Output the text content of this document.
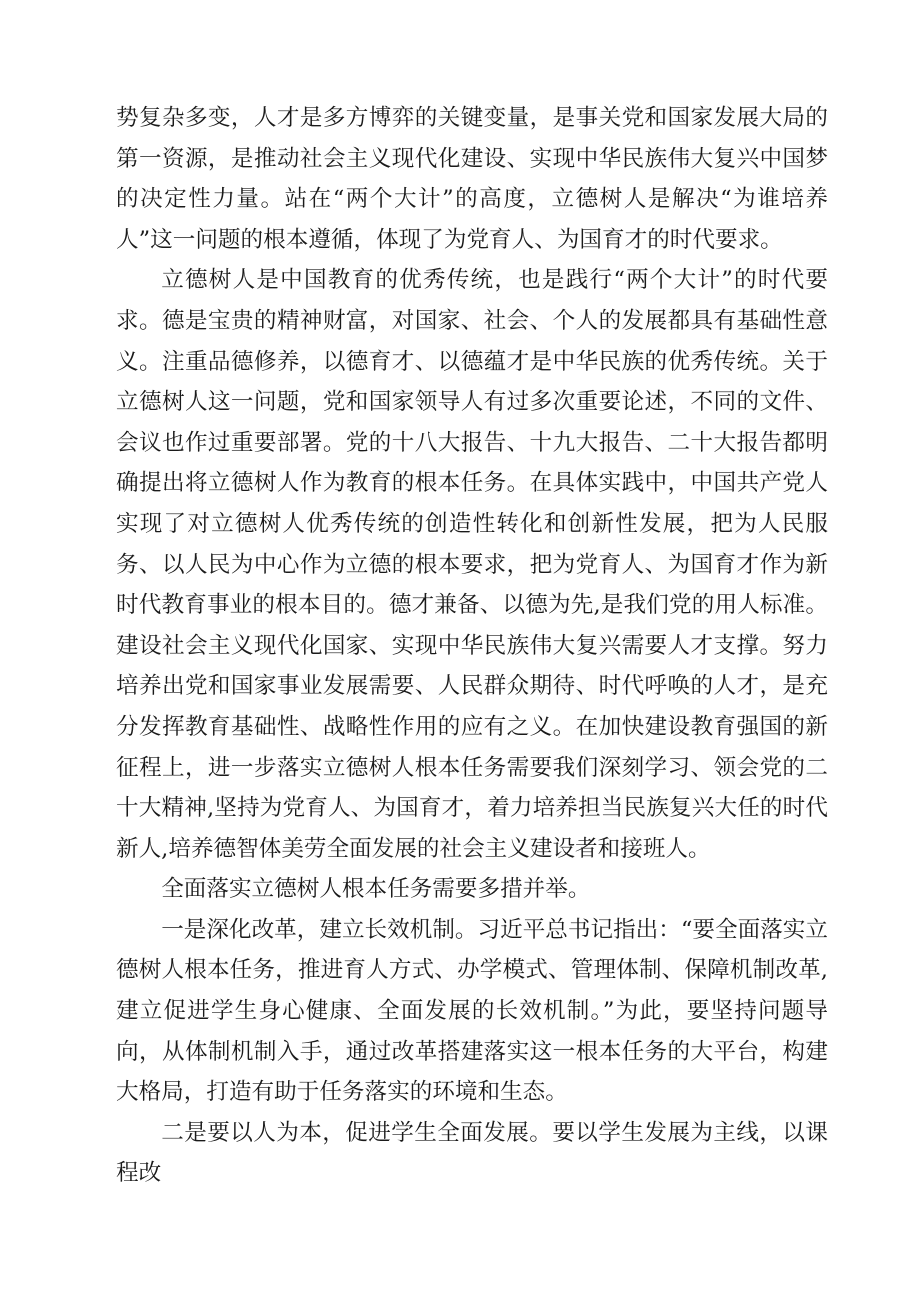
势复杂多变，人才是多方博弈的关键变量，是事关党和国家发展大局的第一资源，是推动社会主义现代化建设、实现中华民族伟大复兴中国梦的决定性力量。站在“两个大计”的高度，立德树人是解决“为谁培养人”这一问题的根本遵循，体现了为党育人、为国育才的时代要求。

立德树人是中国教育的优秀传统，也是践行“两个大计”的时代要求。德是宝贵的精神财富，对国家、社会、个人的发展都具有基础性意义。注重品德修养，以德育才、以德蕴才是中华民族的优秀传统。关于立德树人这一问题，党和国家领导人有过多次重要论述，不同的文件、会议也作过重要部署。党的十八大报告、十九大报告、二十大报告都明确提出将立德树人作为教育的根本任务。在具体实践中，中国共产党人实现了对立德树人优秀传统的创造性转化和创新性发展，把为人民服务、以人民为中心作为立德的根本要求，把为党育人、为国育才作为新时代教育事业的根本目的。德才兼备、以德为先,是我们党的用人标准。建设社会主义现代化国家、实现中华民族伟大复兴需要人才支撑。努力培养出党和国家事业发展需要、人民群众期待、时代呼唤的人才，是充分发挥教育基础性、战略性作用的应有之义。在加快建设教育强国的新征程上，进一步落实立德树人根本任务需要我们深刻学习、领会党的二十大精神,坚持为党育人、为国育才，着力培养担当民族复兴大任的时代新人,培养德智体美劳全面发展的社会主义建设者和接班人。

全面落实立德树人根本任务需要多措并举。

一是深化改革，建立长效机制。习近平总书记指出：“要全面落实立德树人根本任务，推进育人方式、办学模式、管理体制、保障机制改革,建立促进学生身心健康、全面发展的长效机制。”为此，要坚持问题导向，从体制机制入手，通过改革搭建落实这一根本任务的大平台，构建大格局，打造有助于任务落实的环境和生态。

二是要以人为本，促进学生全面发展。要以学生发展为主线，以课程改
